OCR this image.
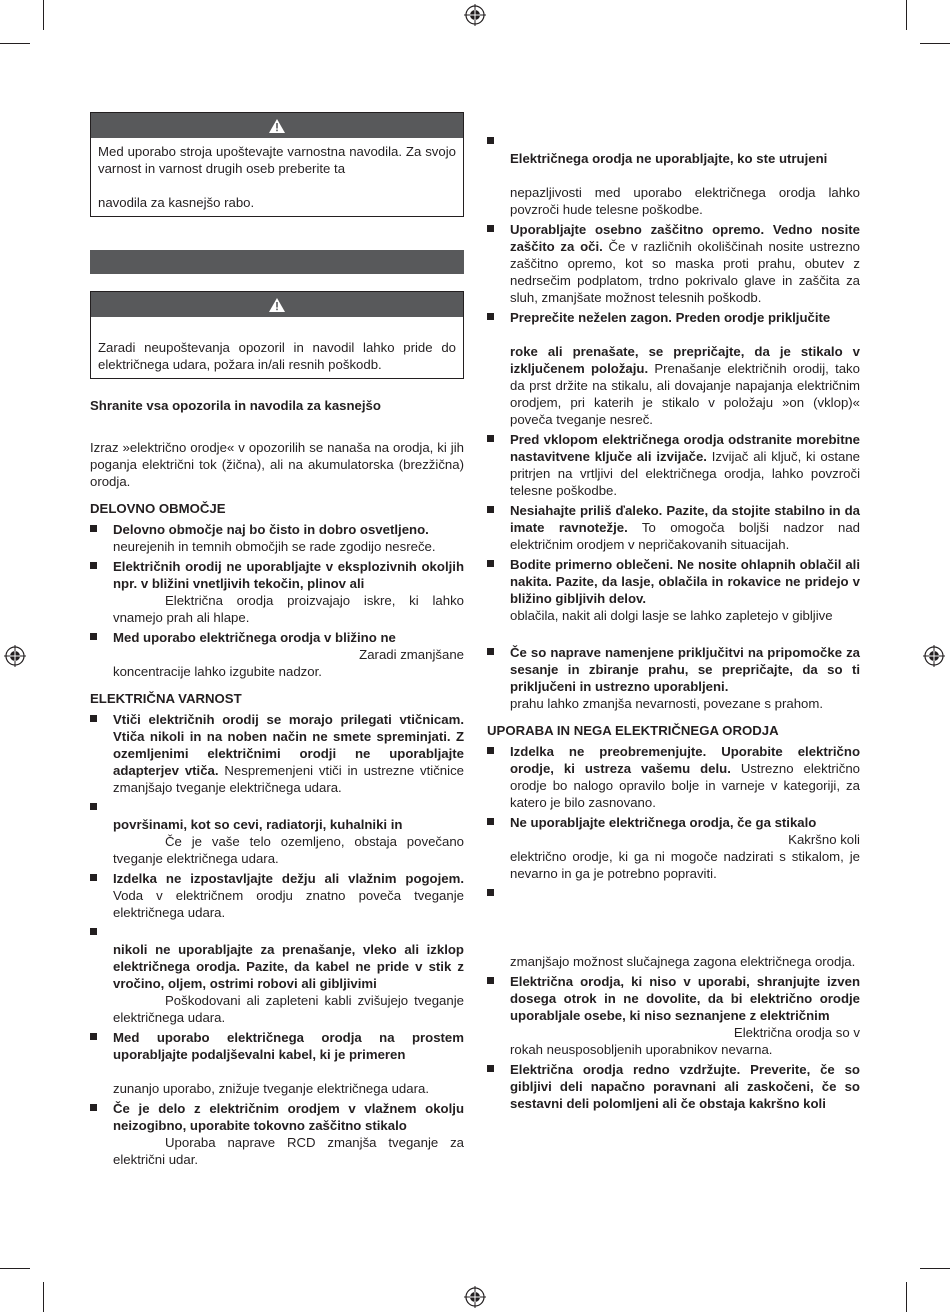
Med uporabo stroja upoštevajte varnostna navodila. Za svojo varnost in varnost drugih oseb preberite ta
navodila za kasnejšo rabo.
Zaradi neupoštevanja opozoril in navodil lahko pride do električnega udara, požara in/ali resnih poškodb.

Shranite vsa opozorila in navodila za kasnejšo

Izraz »električno orodje« v opozorilih se nanaša na orodja, ki jih poganja električni tok (žična), ali na akumulatorska (brezžična) orodja.

DELOVNO OBMOČJE
Delovno območje naj bo čisto in dobro osvetljeno.
neurejenih in temnih območjih se rade zgodijo nesreče.
Električnih orodij ne uporabljajte v eksplozivnih okoljih npr. v bližini vnetljivih tekočin, plinov ali
Električna orodja proizvajajo iskre, ki lahko vnamejo prah ali hlape.
Med uporabo električnega orodja v bližino ne
Zaradi zmanjšane
koncentracije lahko izgubite nadzor.
ELEKTRIČNA VARNOST
Vtiči električnih orodij se morajo prilegati vtičnicam. Vtiča nikoli in na noben način ne smete spreminjati. Z ozemljenimi električnimi orodji ne uporabljajte adapterjev vtiča. Nespremenjeni vtiči in ustrezne vtičnice zmanjšajo tveganje električnega udara.
površinami, kot so cevi, radiatorji, kuhalniki in
Če je vaše telo ozemljeno, obstaja povečano tveganje električnega udara.
Izdelka ne izpostavljajte dežju ali vlažnim pogojem. Voda v električnem orodju znatno poveča tveganje električnega udara.
nikoli ne uporabljajte za prenašanje, vleko ali izklop električnega orodja. Pazite, da kabel ne pride v stik z vročino, oljem, ostrimi robovi ali gibljivimi
Poškodovani ali zapleteni kabli zvišujejo tveganje električnega udara.
Med uporabo električnega orodja na prostem uporabljajte podaljševalni kabel, ki je primeren
zunanjo uporabo, znižuje tveganje električnega udara.
Če je delo z električnim orodjem v vlažnem okolju neizogibno, uporabite tokovno zaščitno stikalo
Uporaba naprave RCD zmanjša tveganje za električni udar.
Električnega orodja ne uporabljajte, ko ste utrujeni
nepazljivosti med uporabo električnega orodja lahko povzroči hude telesne poškodbe.
Uporabljajte osebno zaščitno opremo. Vedno nosite zaščito za oči. Če v različnih okoliščinah nosite ustrezno zaščitno opremo, kot so maska proti prahu, obutev z nedrsečim podplatom, trdno pokrivalo glave in zaščita za sluh, zmanjšate možnost telesnih poškodb.
Preprečite neželen zagon. Preden orodje priključite
roke ali prenašate, se prepričajte, da je stikalo v izključenem položaju. Prenašanje električnih orodij, tako da prst držite na stikalu, ali dovajanje napajanja električnim orodjem, pri katerih je stikalo v položaju »on (vklop)« poveča tveganje nesreč.
Pred vklopom električnega orodja odstranite morebitne nastavitvene ključe ali izvijače. Izvijač ali ključ, ki ostane pritrjen na vrtljivi del električnega orodja, lahko povzroči telesne poškodbe.
Nesiahajte priliš ďaleko. Pazite, da stojite stabilno in da imate ravnotežje. To omogoča boljši nadzor nad električnim orodjem v nepričakovanih situacijah.
Bodite primerno oblečeni. Ne nosite ohlapnih oblačil ali nakita. Pazite, da lasje, oblačila in rokavice ne pridejo v bližino gibljivih delov.
oblačila, nakit ali dolgi lasje se lahko zapletejo v gibljive
Če so naprave namenjene priključitvi na pripomočke za sesanje in zbiranje prahu, se prepričajte, da so ti priključeni in ustrezno uporabljeni.
prahu lahko zmanjša nevarnosti, povezane s prahom.
UPORABA IN NEGA ELEKTRIČNEGA ORODJA
Izdelka ne preobremenjujte. Uporabite električno orodje, ki ustreza vašemu delu. Ustrezno električno orodje bo nalogo opravilo bolje in varneje v kategoriji, za katero je bilo zasnovano.
Ne uporabljajte električnega orodja, če ga stikalo
Kakršno koli
električno orodje, ki ga ni mogoče nadzirati s stikalom, je nevarno in ga je potrebno popraviti.
zmanjšajo možnost slučajnega zagona električnega orodja.
Električna orodja, ki niso v uporabi, shranjujte izven dosega otrok in ne dovolite, da bi električno orodje uporabljale osebe, ki niso seznanjene z električnim
Električna orodja so v
rokah neusposobljenih uporabnikov nevarna.
Električna orodja redno vzdržujte. Preverite, če so gibljivi deli napačno poravnani ali zaskočeni, če so sestavni deli polomljeni ali če obstaja kakršno koli
